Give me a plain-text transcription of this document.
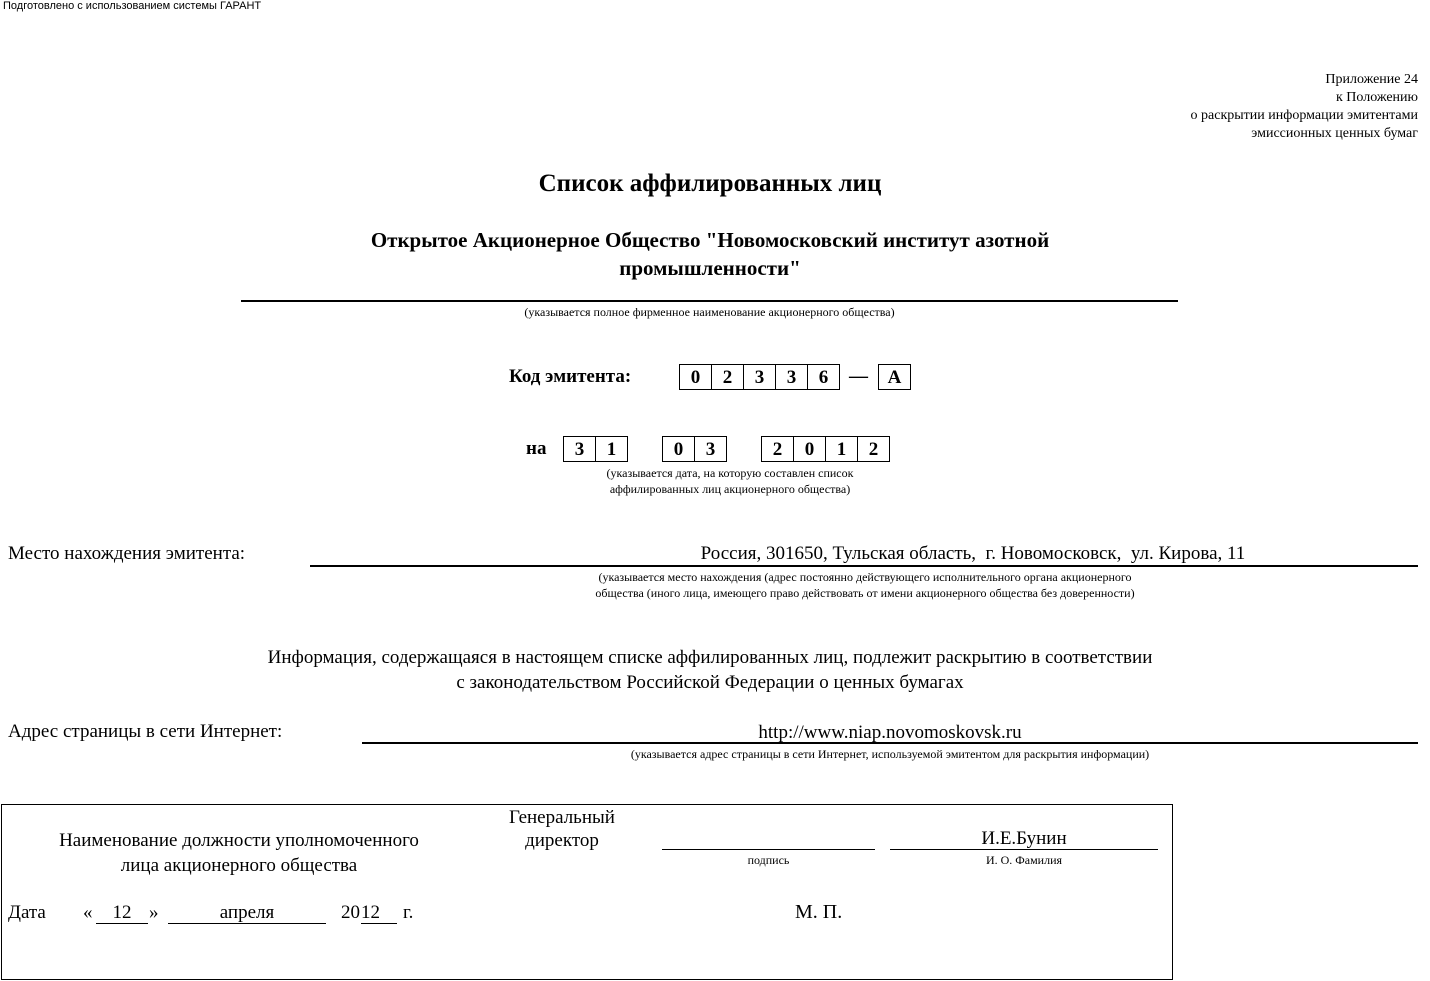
Подготовлено с использованием системы ГАРАНТ
Приложение 24
к Положению
о раскрытии информации эмитентами
эмиссионных ценных бумаг
Список аффилированных лиц
Открытое Акционерное Общество "Новомосковский институт азотной
промышленности"
(указывается полное фирменное наименование акционерного общества)
Код эмитента:	0	2	3	3	6	—	А
на	3	1	0	3	2	0	1	2
(указывается дата, на которую составлен список
аффилированных лиц акционерного общества)
Место нахождения эмитента:	Россия, 301650, Тульская область,  г. Новомосковск,  ул. Кирова, 11
(указывается место нахождения (адрес постоянно действующего исполнительного органа акционерного
общества (иного лица, имеющего право действовать от имени акционерного общества без доверенности)
Информация, содержащаяся в настоящем списке аффилированных лиц, подлежит раскрытию в соответствии
с законодательством Российской Федерации о ценных бумагах
Адрес страницы в сети Интернет:	http://www.niap.novomoskovsk.ru
(указывается адрес страницы в сети Интернет, используемой эмитентом для раскрытия информации)
Наименование должности уполномоченного
лица акционерного общества
Генеральный
директор
подпись
И.Е.Бунин
И. О. Фамилия
Дата «	12 »	апреля	20 12	г.	М. П.
